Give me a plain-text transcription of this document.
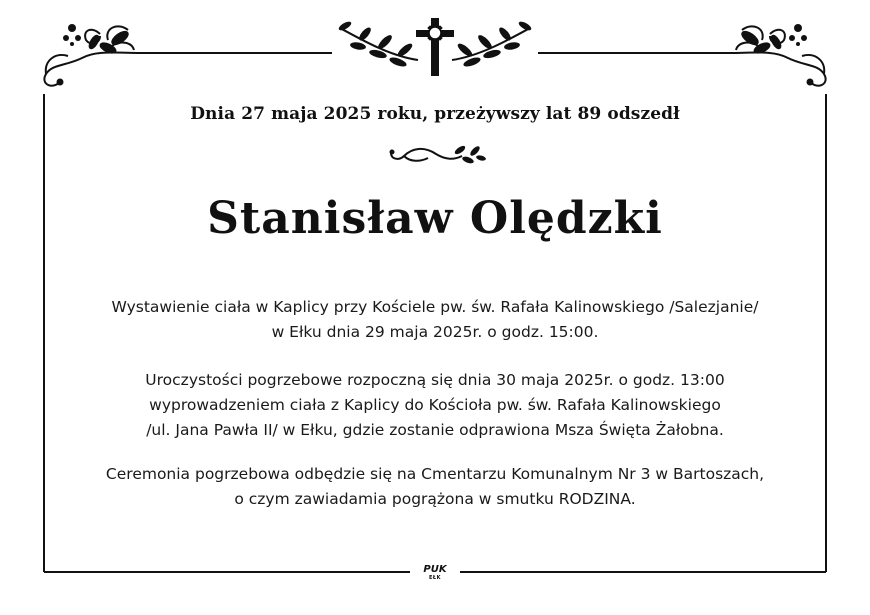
Dnia 27 maja 2025 roku, przeżywszy lat 89 odszedł

Stanisław Olędzki

Wystawienie ciała w Kaplicy przy Kościele pw. św. Rafała Kalinowskiego /Salezjanie/
w Ełku dnia 29 maja 2025r. o godz. 15:00.
Uroczystości pogrzebowe rozpoczną się dnia 30 maja 2025r. o godz. 13:00
wyprowadzeniem ciała z Kaplicy do Kościoła pw. św. Rafała Kalinowskiego
/ul. Jana Pawła II/ w Ełku, gdzie zostanie odprawiona Msza Święta Żałobna.
Ceremonia pogrzebowa odbędzie się na Cmentarzu Komunalnym Nr 3 w Bartoszach,
o czym zawiadamia pogrążona w smutku RODZINA.
PUK
EŁK
